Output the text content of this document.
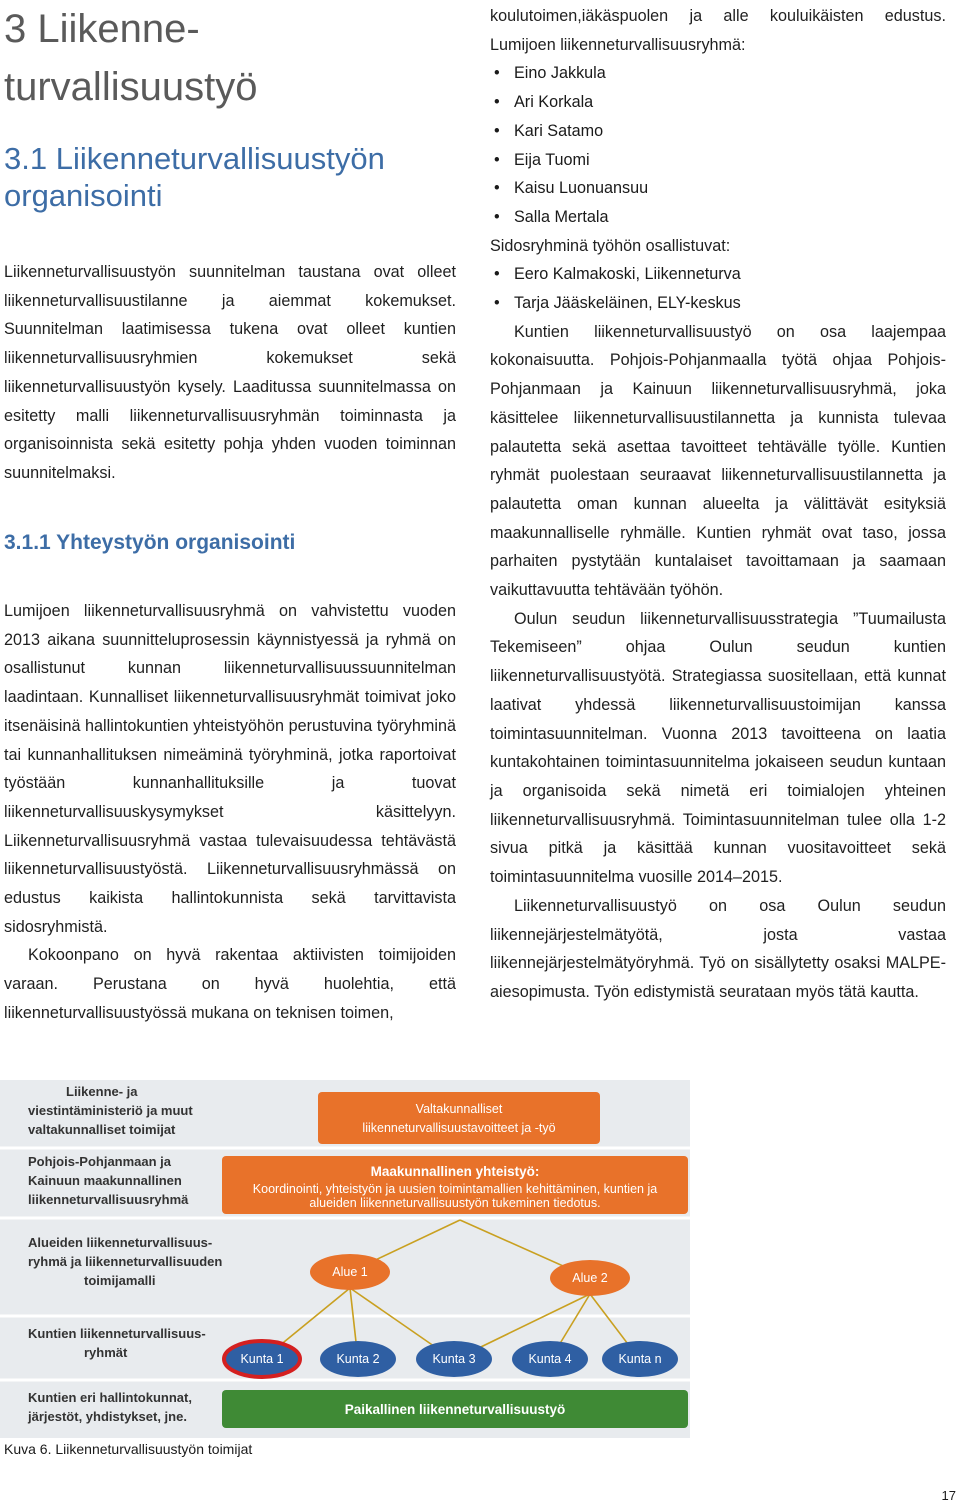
3 Liikenne-turvallisuustyö
3.1 Liikenneturvallisuustyön organisointi

Liikenneturvallisuustyön suunnitelman taustana ovat olleet liikenneturvallisuustilanne ja aiemmat kokemukset. Suunnitelman laatimisessa tukena ovat olleet kuntien liikenneturvallisuusryhmien kokemukset sekä liikenneturvallisuustyön kysely. Laaditussa suunnitelmassa on esitetty malli liikenneturvallisuusryhmän toiminnasta ja organisoinnista sekä esitetty pohja yhden vuoden toiminnan suunnitelmaksi.

3.1.1 Yhteystyön organisointi

Lumijoen liikenneturvallisuusryhmä on vahvistettu vuoden 2013 aikana suunnitteluprosessin käynnistyessä ja ryhmä on osallistunut kunnan liikenneturvallisuussuunnitelman laadintaan. Kunnalliset liikenneturvallisuusryhmät toimivat joko itsenäisinä hallintokuntien yhteistyöhön perustuvina työryhminä tai kunnanhallituksen nimeäminä työryhminä, jotka raportoivat työstään kunnanhallituksille ja tuovat liikenneturvallisuuskysymykset käsittelyyn. Liikenneturvallisuusryhmä vastaa tulevaisuudessa tehtävästä liikenneturvallisuustyöstä. Liikenneturvallisuusryhmässä on edustus kaikista hallintokunnista sekä tarvittavista sidosryhmistä.

Kokoonpano on hyvä rakentaa aktiivisten toimijoiden varaan. Perustana on hyvä huolehtia, että liikenneturvallisuustyössä mukana on teknisen toimen,

koulutoimen,iäkäspuolen ja alle kouluikäisten edustus. Lumijoen liikenneturvallisuusryhmä:

• Eino Jakkula
• Ari Korkala
• Kari Satamo
• Eija Tuomi
• Kaisu Luonuansuu
• Salla Mertala

Sidosryhminä työhön osallistuvat:

• Eero Kalmakoski, Liikenneturva
• Tarja Jääskeläinen, ELY-keskus

Kuntien liikenneturvallisuustyö on osa laajempaa kokonaisuutta. Pohjois-Pohjanmaalla työtä ohjaa Pohjois-Pohjanmaan ja Kainuun liikenneturvallisuusryhmä, joka käsittelee liikenneturvallisuustilannetta ja kunnista tulevaa palautetta sekä asettaa tavoitteet tehtävälle työlle. Kuntien ryhmät puolestaan seuraavat liikenneturvallisuustilannetta ja palautetta oman kunnan alueelta ja välittävät esityksiä maakunnalliselle ryhmälle. Kuntien ryhmät ovat taso, jossa parhaiten pystytään kuntalaiset tavoittamaan ja saamaan vaikuttavuutta tehtävään työhön.

Oulun seudun liikenneturvallisuusstrategia ”Tuumailusta Tekemiseen” ohjaa Oulun seudun kuntien liikenneturvallisuustyötä. Strategiassa suositellaan, että kunnat laativat yhdessä liikenneturvallisuustoimijan kanssa toimintasuunnitelman. Vuonna 2013 tavoitteena on laatia kuntakohtainen toimintasuunnitelma jokaiseen seudun kuntaan ja organisoida sekä nimetä eri toimialojen yhteinen liikenneturvallisuusryhmä. Toimintasuunnitelman tulee olla 1-2 sivua pitkä ja käsittää kunnan vuositavoitteet sekä toimintasuunnitelma vuosille 2014–2015.

Liikenneturvallisuustyö on osa Oulun seudun liikennejärjestelmätyötä, josta vastaa liikennejärjestelmätyöryhmä. Työ on sisällytetty osaksi MALPE-aiesopimusta. Työn edistymistä seurataan myös tätä kautta.

Liikenne- ja
viestintäministeriö ja muut
valtakunnalliset toimijat
Pohjois-Pohjanmaan ja
Kainuun maakunnallinen
liikenneturvallisuusryhmä
Alueiden liikenneturvallisuus-
ryhmä ja liikenneturvallisuuden
toimijamalli
Kuntien liikenneturvallisuus-
ryhmät
Kuntien eri hallintokunnat,
järjestöt, yhdistykset, jne.
Valtakunnalliset
liikenneturvallisuustavoitteet ja -työ
Maakunnallinen yhteistyö:
Koordinointi, yhteistyön ja uusien toimintamallien kehittäminen, kuntien ja
alueiden liikenneturvallisuustyön tukeminen tiedotus.
Alue 1	Alue 2
Kunta 1	Kunta 2	Kunta 3	Kunta 4	Kunta n
Paikallinen liikenneturvallisuustyö
Kuva 6. Liikenneturvallisuustyön toimijat
17
